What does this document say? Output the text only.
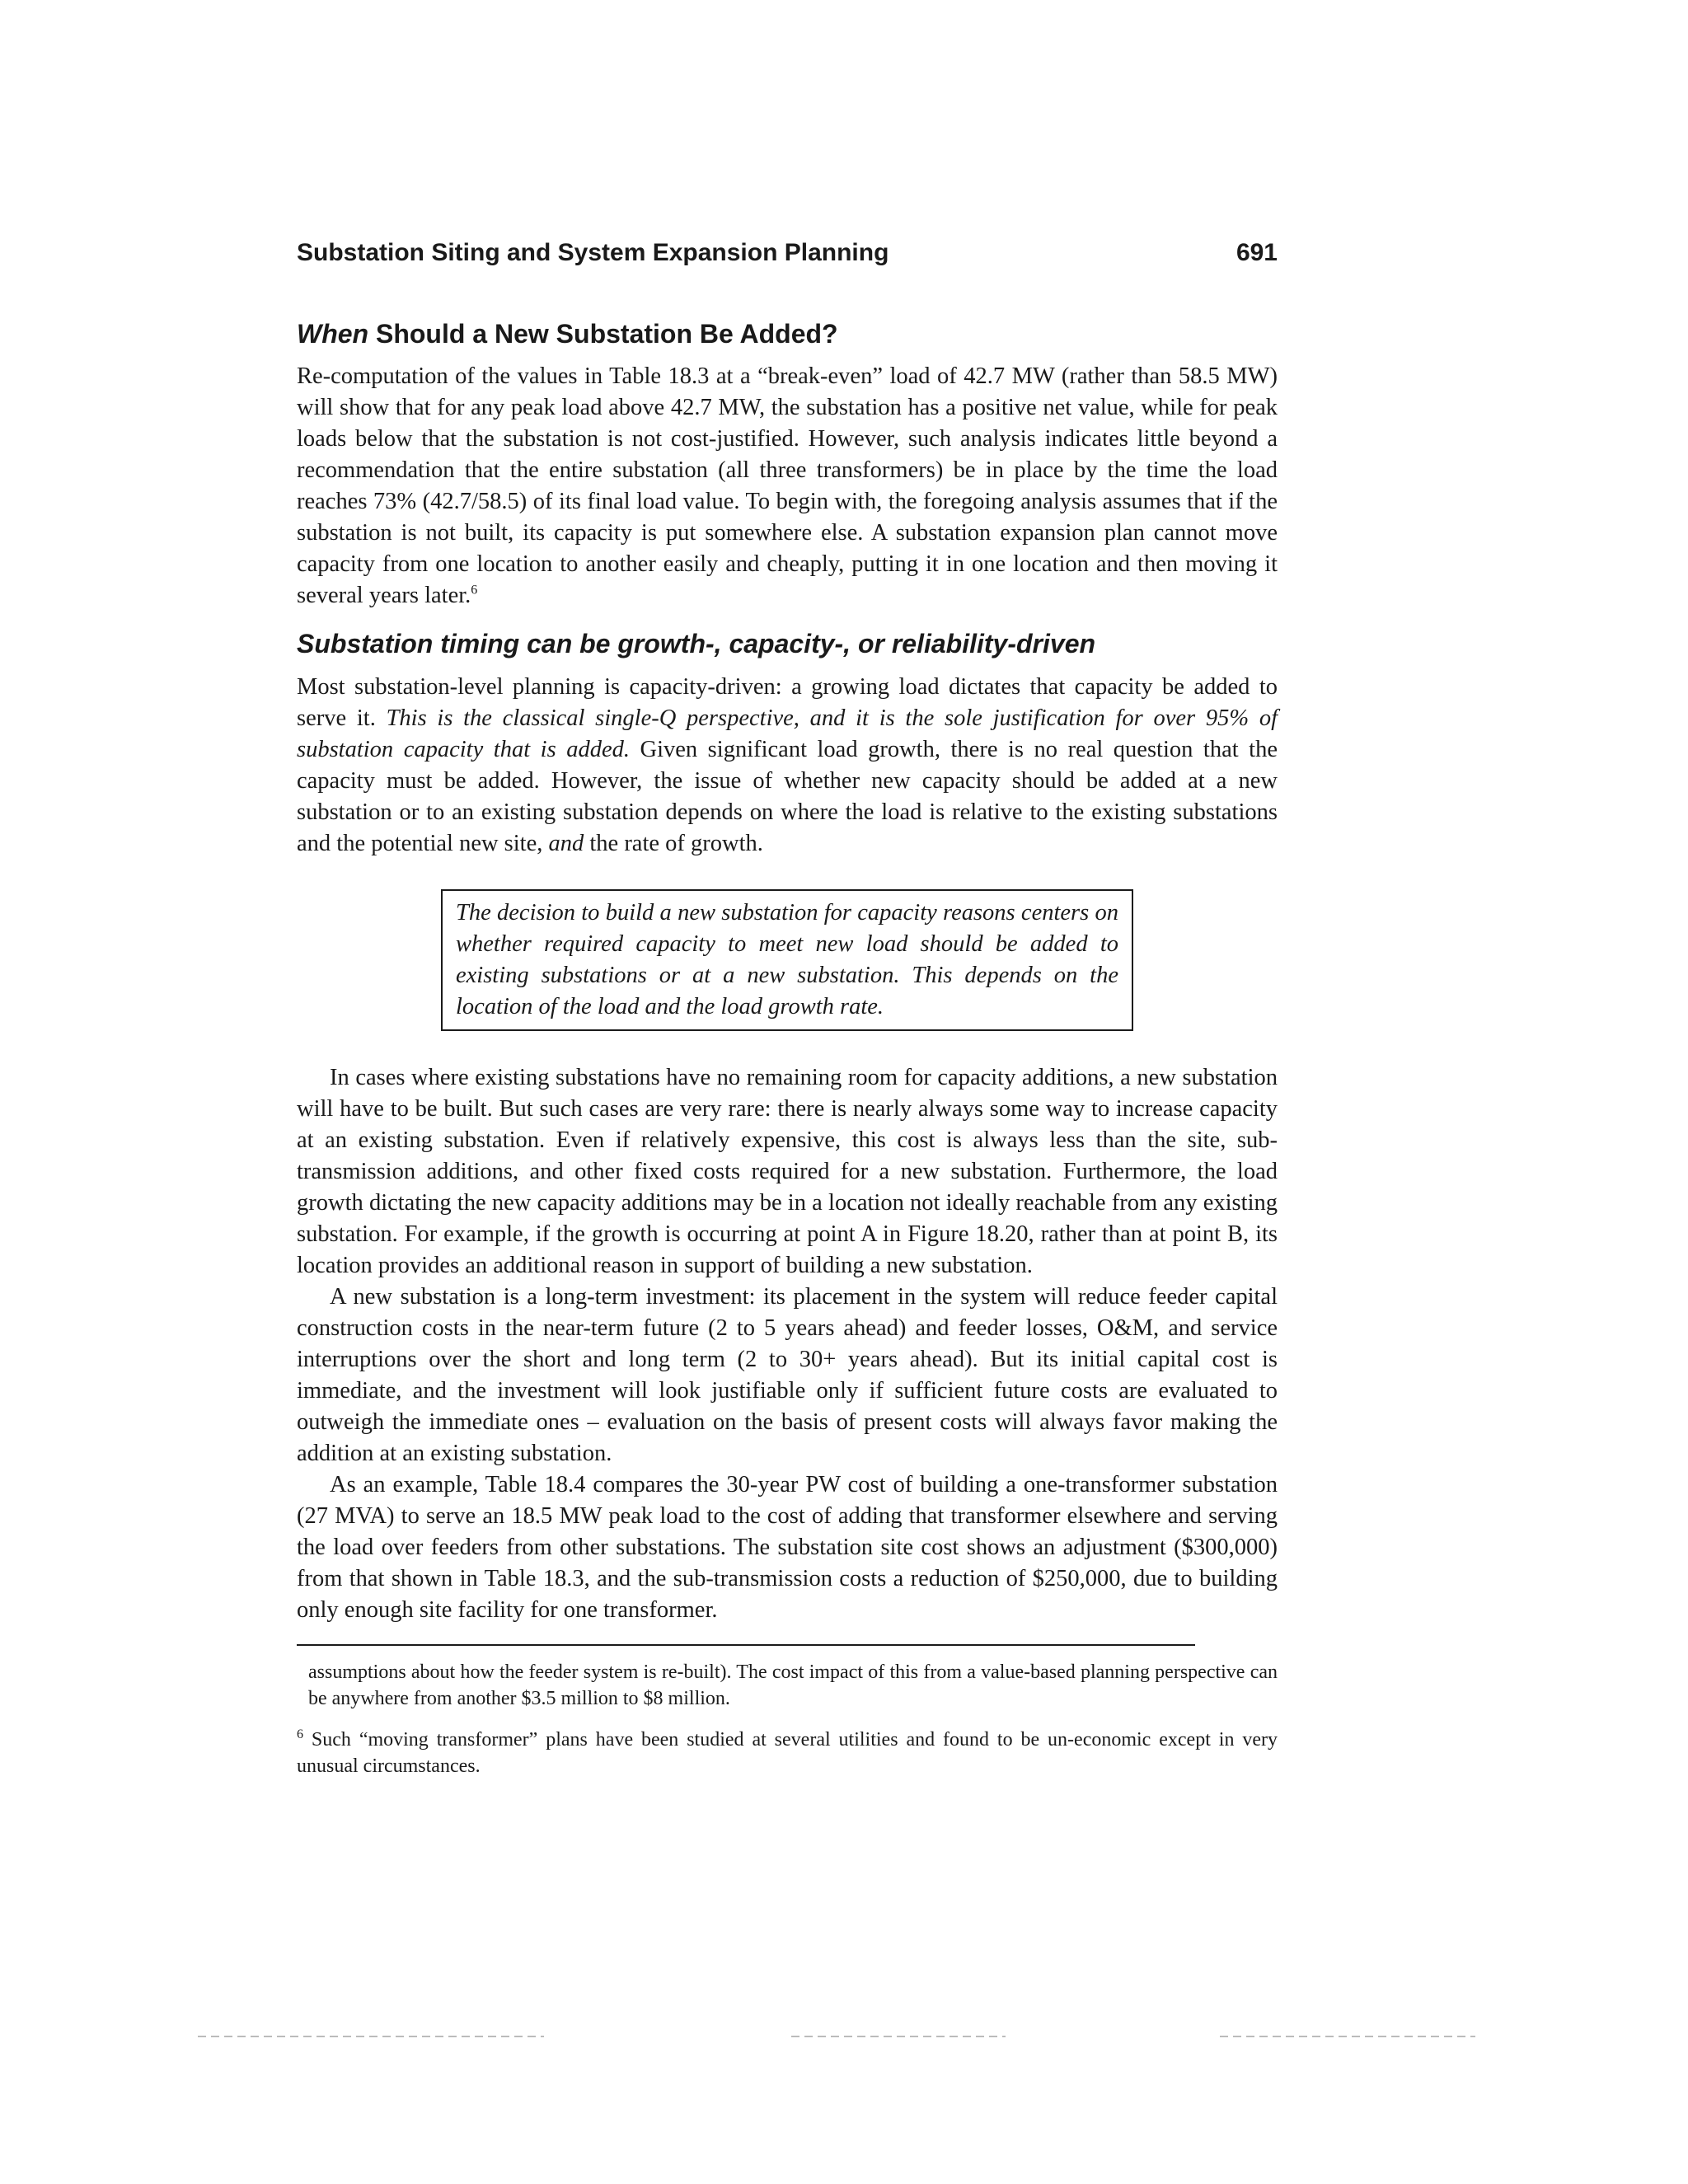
Substation Siting and System Expansion Planning	691
When Should a New Substation Be Added?

Re-computation of the values in Table 18.3 at a “break-even” load of 42.7 MW (rather than 58.5 MW) will show that for any peak load above 42.7 MW, the substation has a positive net value, while for peak loads below that the substation is not cost-justified. However, such analysis indicates little beyond a recommendation that the entire substation (all three transformers) be in place by the time the load reaches 73% (42.7/58.5) of its final load value. To begin with, the foregoing analysis assumes that if the substation is not built, its capacity is put somewhere else. A substation expansion plan cannot move capacity from one location to another easily and cheaply, putting it in one location and then moving it several years later.$^6$

Substation timing can be growth-, capacity-, or reliability-driven

Most substation-level planning is capacity-driven: a growing load dictates that capacity be added to serve it. This is the classical single-Q perspective, and it is the sole justification for over 95% of substation capacity that is added. Given significant load growth, there is no real question that the capacity must be added. However, the issue of whether new capacity should be added at a new substation or to an existing substation depends on where the load is relative to the existing substations and the potential new site, and the rate of growth.

The decision to build a new substation for capacity reasons centers on whether required capacity to meet new load should be added to existing substations or at a new substation. This depends on the location of the load and the load growth rate.

In cases where existing substations have no remaining room for capacity additions, a new substation will have to be built. But such cases are very rare: there is nearly always some way to increase capacity at an existing substation. Even if relatively expensive, this cost is always less than the site, sub-transmission additions, and other fixed costs required for a new substation. Furthermore, the load growth dictating the new capacity additions may be in a location not ideally reachable from any existing substation. For example, if the growth is occurring at point A in Figure 18.20, rather than at point B, its location provides an additional reason in support of building a new substation.

A new substation is a long-term investment: its placement in the system will reduce feeder capital construction costs in the near-term future (2 to 5 years ahead) and feeder losses, O&M, and service interruptions over the short and long term (2 to 30+ years ahead). But its initial capital cost is immediate, and the investment will look justifiable only if sufficient future costs are evaluated to outweigh the immediate ones – evaluation on the basis of present costs will always favor making the addition at an existing substation.

As an example, Table 18.4 compares the 30-year PW cost of building a one-transformer substation (27 MVA) to serve an 18.5 MW peak load to the cost of adding that transformer elsewhere and serving the load over feeders from other substations. The substation site cost shows an adjustment ($300,000) from that shown in Table 18.3, and the sub-transmission costs a reduction of $250,000, due to building only enough site facility for one transformer.

assumptions about how the feeder system is re-built). The cost impact of this from a value-based planning perspective can be anywhere from another $3.5 million to $8 million.

$^6$ Such “moving transformer” plans have been studied at several utilities and found to be un-economic except in very unusual circumstances.
